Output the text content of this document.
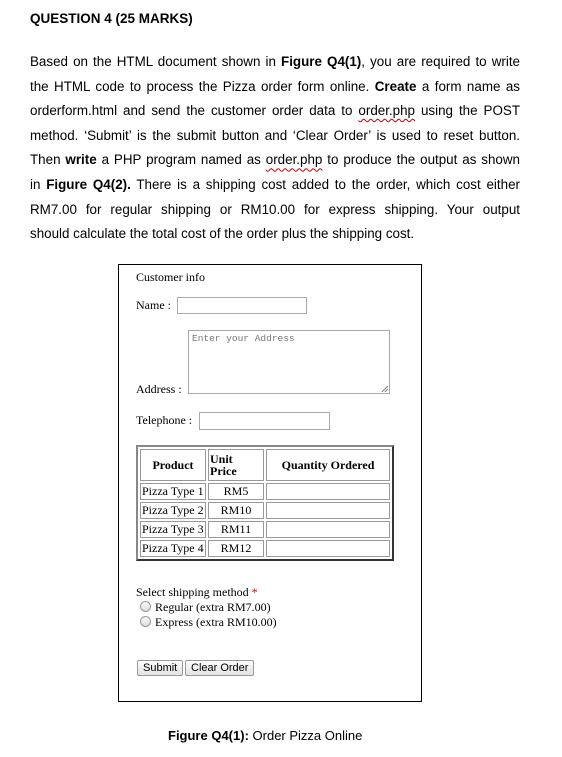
QUESTION 4 (25 MARKS)
Based on the HTML document shown in Figure Q4(1), you are required to write
the HTML code to process the Pizza order form online. Create a form name as
orderform.html and send the customer order data to order.php using the POST
method. ‘Submit’ is the submit button and ‘Clear Order’ is used to reset button.
Then write a PHP program named as order.php to produce the output as shown
in Figure Q4(2). There is a shipping cost added to the order, which cost either
RM7.00 for regular shipping or RM10.00 for express shipping. Your output
should calculate the total cost of the order plus the shipping cost.
Customer info
Name :
Enter your Address
Address :
Telephone :
Product	Unit Price	Quantity Ordered
Pizza Type 1	RM5	
Pizza Type 2	RM10	
Pizza Type 3	RM11	
Pizza Type 4	RM12	
Select shipping method *
Regular (extra RM7.00)
Express (extra RM10.00)
Submit	Clear Order
Figure Q4(1): Order Pizza Online
